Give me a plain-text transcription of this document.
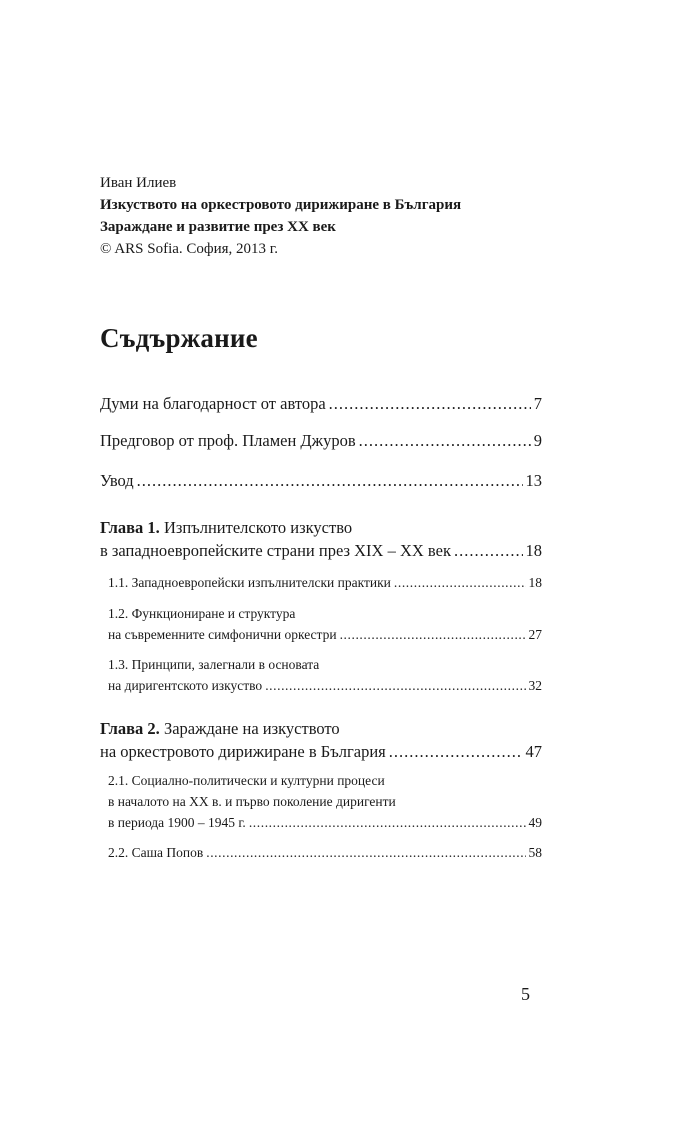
Иван Илиев
Изкуството на оркестровото дирижиране в България
Зараждане и развитие през ХХ век
© ARS Sofia. София, 2013 г.
Съдържание
Думи на благодарност от автора .....	7
Предговор от проф. Пламен Джуров .....	9
Увод .....	13
Глава 1. Изпълнителското изкуство
в западноевропейските страни през ХІХ – ХХ век .....	18
1.1. Западноевропейски изпълнителски практики .....	18
1.2. Функциониране и структура
на съвременните симфонични оркестри .....	27
1.3. Принципи, залегнали в основата
на диригентското изкуство .....	32
Глава 2. Зараждане на изкуството
на оркестровото дирижиране в България .....	47
2.1. Социално-политически и културни процеси
в началото на ХХ в. и първо поколение диригенти
в периода 1900 – 1945 г. .....	49
2.2. Саша Попов .....	58
5
